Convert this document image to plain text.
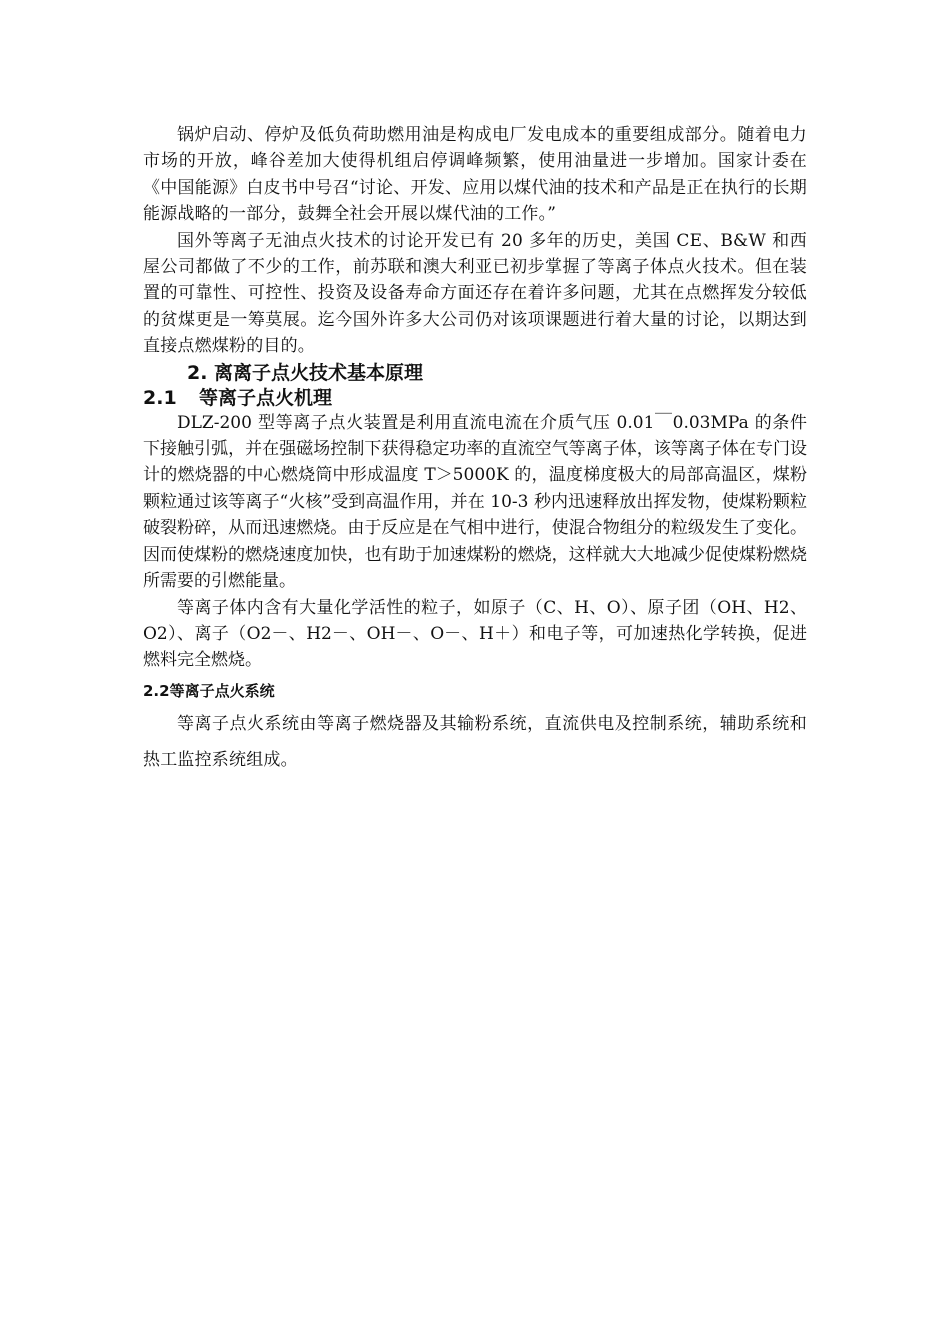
锅炉启动、停炉及低负荷助燃用油是构成电厂发电成本的重要组成部分。随着电力市场的开放，峰谷差加大使得机组启停调峰频繁，使用油量进一步增加。国家计委在《中国能源》白皮书中号召“讨论、开发、应用以煤代油的技术和产品是正在执行的长期能源战略的一部分，鼓舞全社会开展以煤代油的工作。”

国外等离子无油点火技术的讨论开发已有 20 多年的历史，美国 CE、B&W 和西屋公司都做了不少的工作，前苏联和澳大利亚已初步掌握了等离子体点火技术。但在装置的可靠性、可控性、投资及设备寿命方面还存在着许多问题，尤其在点燃挥发分较低的贫煤更是一筹莫展。迄今国外许多大公司仍对该项课题进行着大量的讨论，以期达到直接点燃煤粉的目的。

2. 离离子点火技术基本原理

2.1 等离子点火机理

DLZ-200 型等离子点火装置是利用直流电流在介质气压 0.01￣0.03MPa 的条件下接触引弧，并在强磁场控制下获得稳定功率的直流空气等离子体，该等离子体在专门设计的燃烧器的中心燃烧筒中形成温度 T＞5000K 的，温度梯度极大的局部高温区，煤粉颗粒通过该等离子“火核”受到高温作用，并在 10-3 秒内迅速释放出挥发物，使煤粉颗粒破裂粉碎，从而迅速燃烧。由于反应是在气相中进行，使混合物组分的粒级发生了变化。因而使煤粉的燃烧速度加快，也有助于加速煤粉的燃烧，这样就大大地减少促使煤粉燃烧所需要的引燃能量。

等离子体内含有大量化学活性的粒子，如原子（C、H、O）、原子团（OH、H2、O2）、离子（O2－、H2－、OH－、O－、H＋）和电子等，可加速热化学转换，促进燃料完全燃烧。

2.2等离子点火系统

等离子点火系统由等离子燃烧器及其输粉系统，直流供电及控制系统，辅助系统和热工监控系统组成。
